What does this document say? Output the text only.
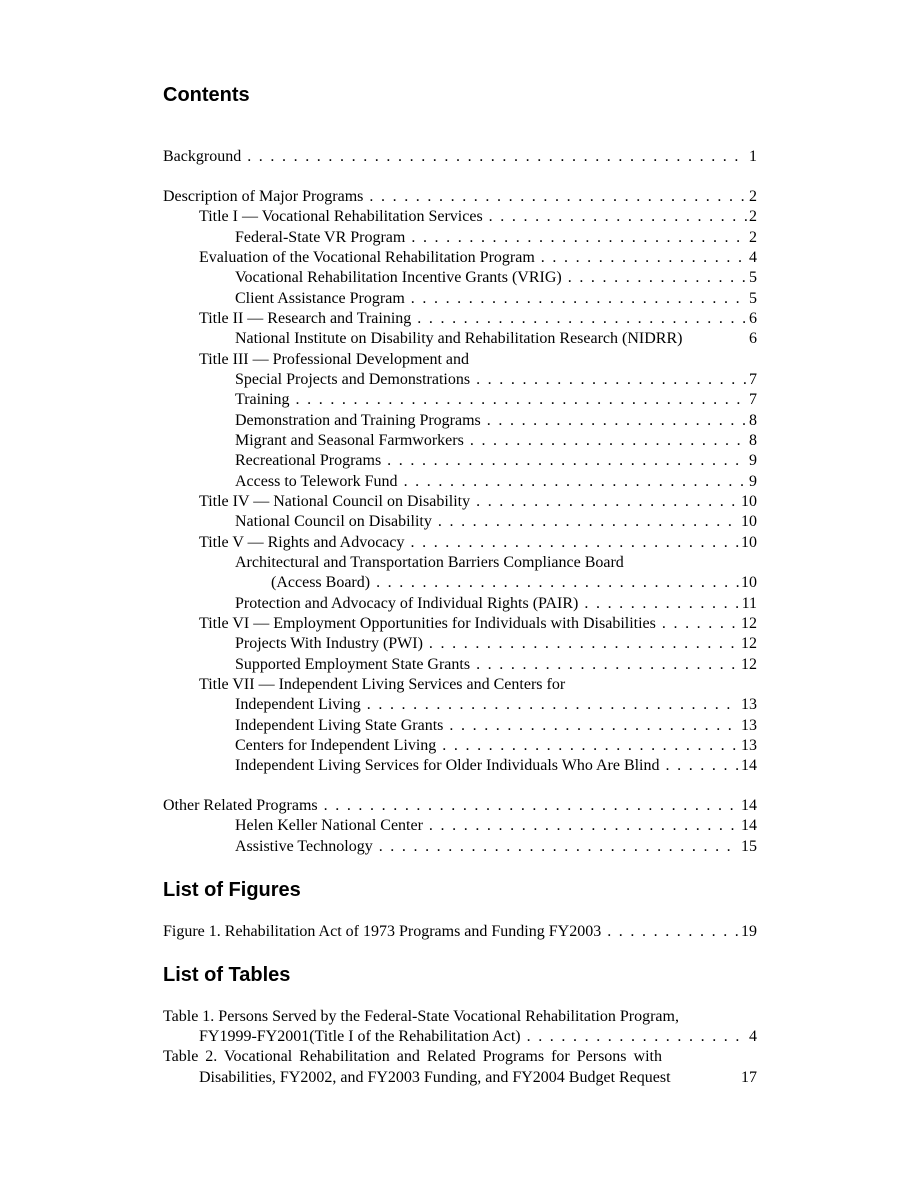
Contents
Background . . .	1
Description of Major Programs . . .	2
Title I — Vocational Rehabilitation Services . . .	2
Federal-State VR Program . . .	2
Evaluation of the Vocational Rehabilitation Program . . .	4
Vocational Rehabilitation Incentive Grants (VRIG) . . .	5
Client Assistance Program . . .	5
Title II — Research and Training . . .	6
National Institute on Disability and Rehabilitation Research (NIDRR)	6
Title III — Professional Development and
Special Projects and Demonstrations . . .	7
Training . . .	7
Demonstration and Training Programs . . .	8
Migrant and Seasonal Farmworkers . . .	8
Recreational Programs . . .	9
Access to Telework Fund . . .	9
Title IV — National Council on Disability . . .	10
National Council on Disability . . .	10
Title V — Rights and Advocacy . . .	10
Architectural and Transportation Barriers Compliance Board
(Access Board) . . .	10
Protection and Advocacy of Individual Rights (PAIR) . . .	11
Title VI — Employment Opportunities for Individuals with Disabilities . . .	12
Projects With Industry (PWI) . . .	12
Supported Employment State Grants . . .	12
Title VII — Independent Living Services and Centers for
Independent Living . . .	13
Independent Living State Grants . . .	13
Centers for Independent Living . . .	13
Independent Living Services for Older Individuals Who Are Blind . . .	14
Other Related Programs . . .	14
Helen Keller National Center . . .	14
Assistive Technology . . .	15
List of Figures
Figure 1. Rehabilitation Act of 1973 Programs and Funding FY2003 . . .	19
List of Tables
Table 1. Persons Served by the Federal-State Vocational Rehabilitation Program,
FY1999-FY2001(Title I of the Rehabilitation Act) . . .	4
Table 2. Vocational Rehabilitation and Related Programs for Persons with
Disabilities, FY2002, and FY2003 Funding, and FY2004 Budget Request	17
